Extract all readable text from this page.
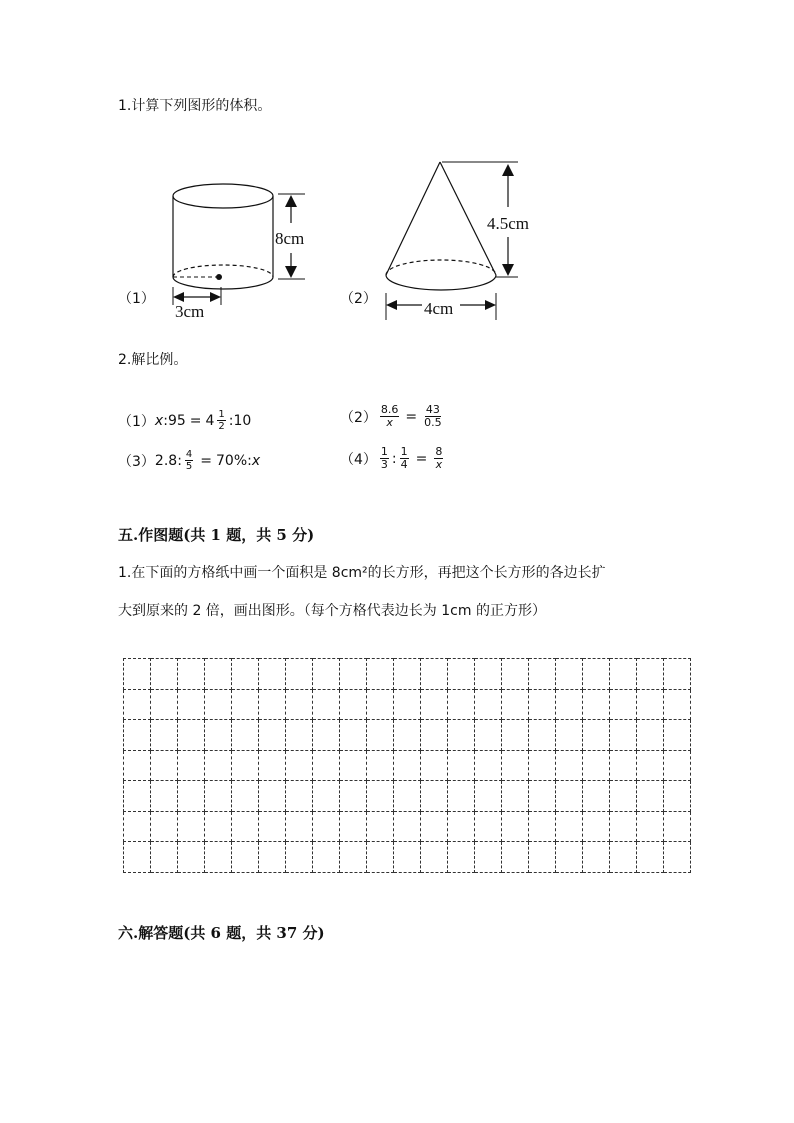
1.计算下列图形的体积。
8cm
3cm
（1）
4.5cm
4cm
（2）
2.解比例。
（1） x : $95 = 4 \frac{1}{2}$ : 10	$(2) \frac{8.6}{x} = \frac{43}{0.5}$
（3） 2.8 : $\frac{4}{5} = 70\%$ : x	$(4) \frac{1}{3}$ : $\frac{1}{4} = \frac{8}{x}$
五.作图题(共 1 题，共 5 分)
1.在下面的方格纸中画一个面积是 8cm²的长方形，再把这个长方形的各边长扩
大到原来的 2 倍，画出图形。（每个方格代表边长为 1cm 的正方形）

六.解答题(共 6 题，共 37 分)
